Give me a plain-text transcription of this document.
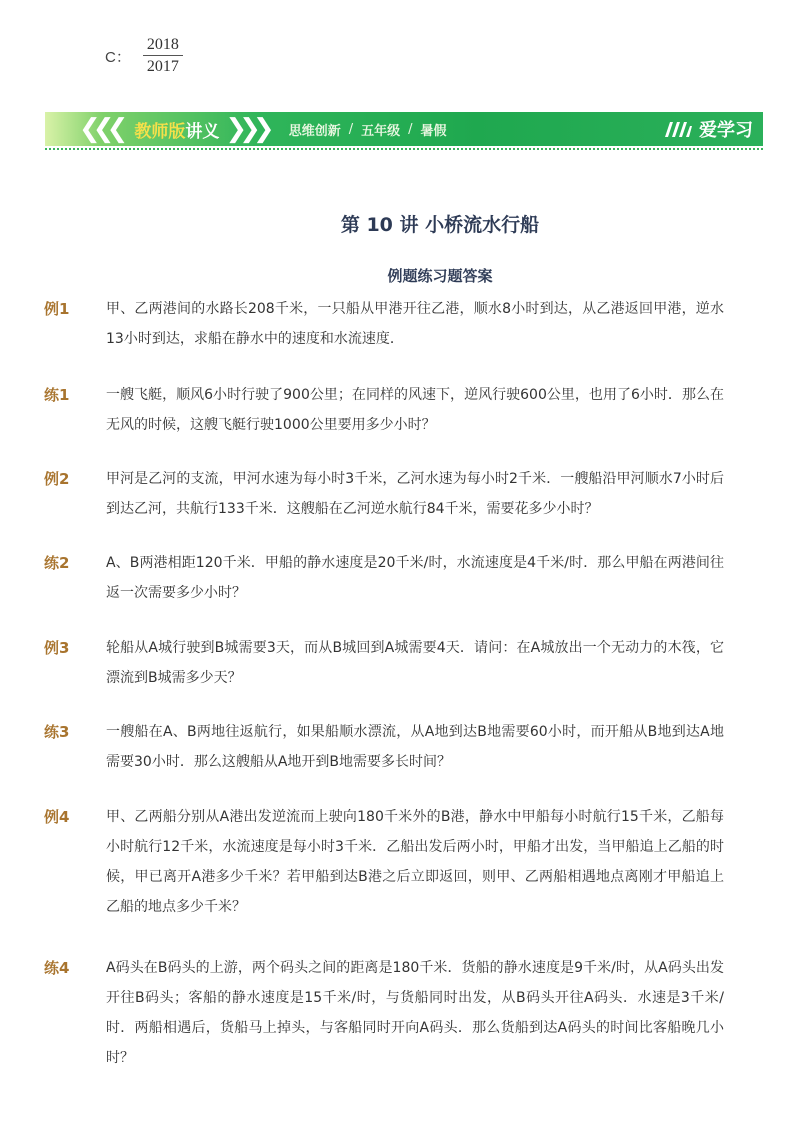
C： $\frac{2018}{2017}$
❮❮❮ 教师版 讲义 ❯❯❯ 思维创新 / 五年级 / 暑假	爱学习
第 10 讲 小桥流水行船
例题练习题答案
例1	甲、乙两港间的水路长208千米，一只船从甲港开往乙港，顺水8小时到达，从乙港返回甲港，逆水13小时到达，求船在静水中的速度和水流速度．
练1	一艘飞艇，顺风6小时行驶了900公里；在同样的风速下，逆风行驶600公里，也用了6小时．那么在无风的时候，这艘飞艇行驶1000公里要用多少小时？
例2	甲河是乙河的支流，甲河水速为每小时3千米，乙河水速为每小时2千米．一艘船沿甲河顺水7小时后到达乙河，共航行133千米．这艘船在乙河逆水航行84千米，需要花多少小时？
练2	A、B两港相距120千米．甲船的静水速度是20千米/时，水流速度是4千米/时．那么甲船在两港间往返一次需要多少小时？
例3	轮船从A城行驶到B城需要3天，而从B城回到A城需要4天．请问：在A城放出一个无动力的木筏，它漂流到B城需多少天？
练3	一艘船在A、B两地往返航行，如果船顺水漂流，从A地到达B地需要60小时，而开船从B地到达A地需要30小时．那么这艘船从A地开到B地需要多长时间？
例4	甲、乙两船分别从A港出发逆流而上驶向180千米外的B港，静水中甲船每小时航行15千米，乙船每小时航行12千米，水流速度是每小时3千米．乙船出发后两小时，甲船才出发，当甲船追上乙船的时候，甲已离开A港多少千米？若甲船到达B港之后立即返回，则甲、乙两船相遇地点离刚才甲船追上乙船的地点多少千米？
练4	A码头在B码头的上游，两个码头之间的距离是180千米．货船的静水速度是9千米/时，从A码头出发开往B码头；客船的静水速度是15千米/时，与货船同时出发，从B码头开往A码头．水速是3千米/时．两船相遇后，货船马上掉头，与客船同时开向A码头．那么货船到达A码头的时间比客船晚几小时？
